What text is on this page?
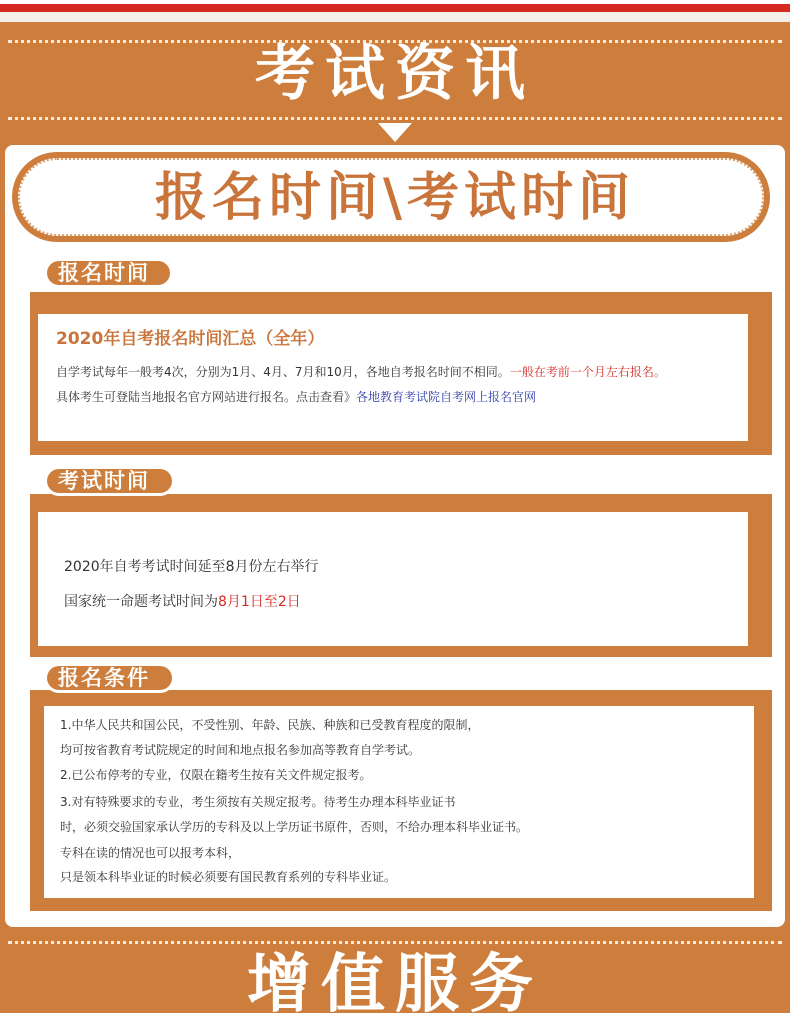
考试资讯
报名时间\考试时间
2020年自考报名时间汇总（全年）
自学考试每年一般考4次，分别为1月、4月、7月和10月，各地自考报名时间不相同。一般在考前一个月左右报名。
具体考生可登陆当地报名官方网站进行报名。点击查看》各地教育考试院自考网上报名官网
报名时间
2020年自考考试时间延至8月份左右举行
国家统一命题考试时间为8月1日至2日
考试时间
1.中华人民共和国公民，不受性别、年龄、民族、种族和已受教育程度的限制，
均可按省教育考试院规定的时间和地点报名参加高等教育自学考试。
2.已公布停考的专业，仅限在籍考生按有关文件规定报考。
3.对有特殊要求的专业，考生须按有关规定报考。待考生办理本科毕业证书
时，必须交验国家承认学历的专科及以上学历证书原件，否则，不给办理本科毕业证书。
专科在读的情况也可以报考本科，
只是领本科毕业证的时候必须要有国民教育系列的专科毕业证。
报名条件
增值服务
